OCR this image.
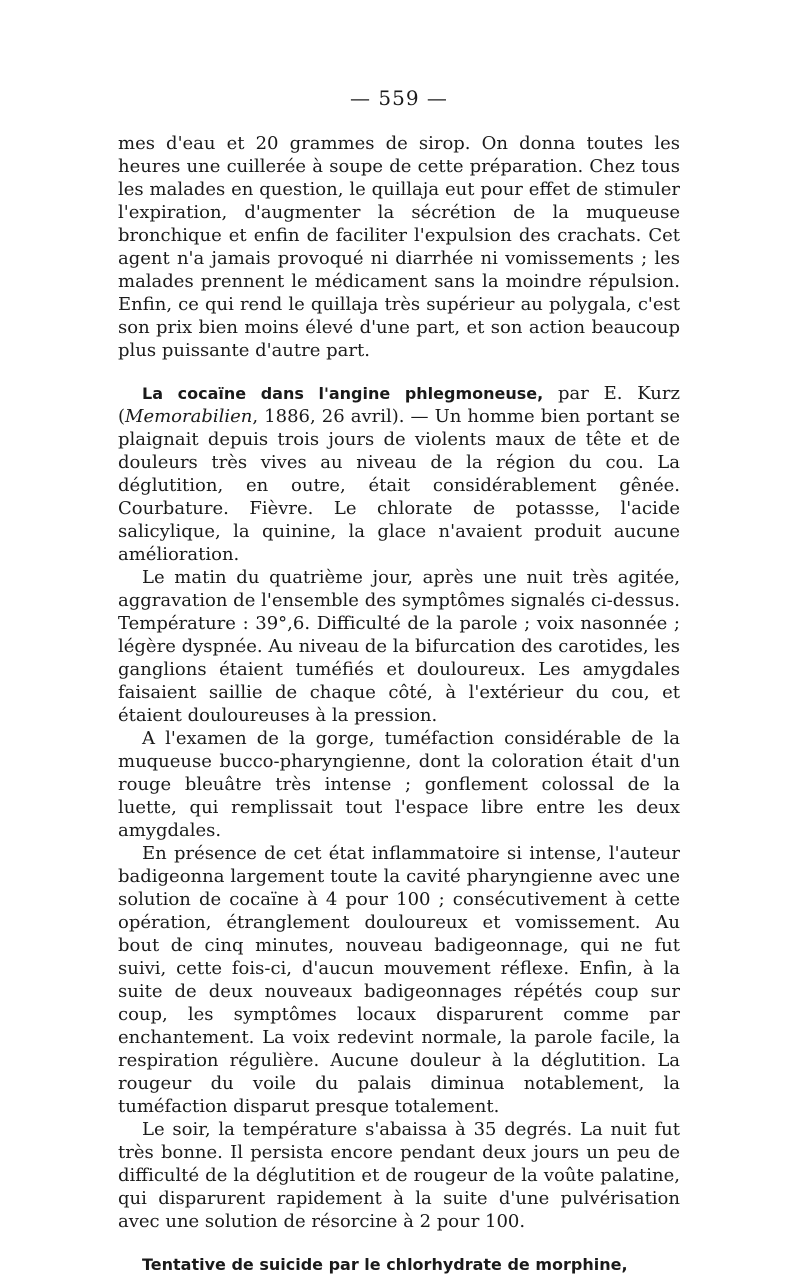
— 559 —

mes d'eau et 20 grammes de sirop. On donna toutes les heures une cuillerée à soupe de cette préparation. Chez tous les malades en question, le quillaja eut pour effet de stimuler l'expiration, d'augmenter la sécrétion de la muqueuse bronchique et enfin de faciliter l'expulsion des crachats. Cet agent n'a jamais provoqué ni diarrhée ni vomissements ; les malades prennent le médicament sans la moindre répulsion. Enfin, ce qui rend le quillaja très supérieur au polygala, c'est son prix bien moins élevé d'une part, et son action beaucoup plus puissante d'autre part.

La cocaïne dans l'angine phlegmoneuse, par E. Kurz (Memorabilien, 1886, 26 avril). — Un homme bien portant se plaignait depuis trois jours de violents maux de tête et de douleurs très vives au niveau de la région du cou. La déglutition, en outre, était considérablement gênée. Courbature. Fièvre. Le chlorate de potassse, l'acide salicylique, la quinine, la glace n'avaient produit aucune amélioration.

Le matin du quatrième jour, après une nuit très agitée, aggravation de l'ensemble des symptômes signalés ci-dessus. Température : 39°,6. Difficulté de la parole ; voix nasonnée ; légère dyspnée. Au niveau de la bifurcation des carotides, les ganglions étaient tuméfiés et douloureux. Les amygdales faisaient saillie de chaque côté, à l'extérieur du cou, et étaient douloureuses à la pression.

A l'examen de la gorge, tuméfaction considérable de la muqueuse bucco-pharyngienne, dont la coloration était d'un rouge bleuâtre très intense ; gonflement colossal de la luette, qui remplissait tout l'espace libre entre les deux amygdales.

En présence de cet état inflammatoire si intense, l'auteur badigeonna largement toute la cavité pharyngienne avec une solution de cocaïne à 4 pour 100 ; consécutivement à cette opération, étranglement douloureux et vomissement. Au bout de cinq minutes, nouveau badigeonnage, qui ne fut suivi, cette fois-ci, d'aucun mouvement réflexe. Enfin, à la suite de deux nouveaux badigeonnages répétés coup sur coup, les symptômes locaux disparurent comme par enchantement. La voix redevint normale, la parole facile, la respiration régulière. Aucune douleur à la déglutition. La rougeur du voile du palais diminua notablement, la tuméfaction disparut presque totalement.

Le soir, la température s'abaissa à 35 degrés. La nuit fut très bonne. Il persista encore pendant deux jours un peu de difficulté de la déglutition et de rougeur de la voûte palatine, qui disparurent rapidement à la suite d'une pulvérisation avec une solution de résorcine à 2 pour 100.

Tentative de suicide par le chlorhydrate de morphine,
